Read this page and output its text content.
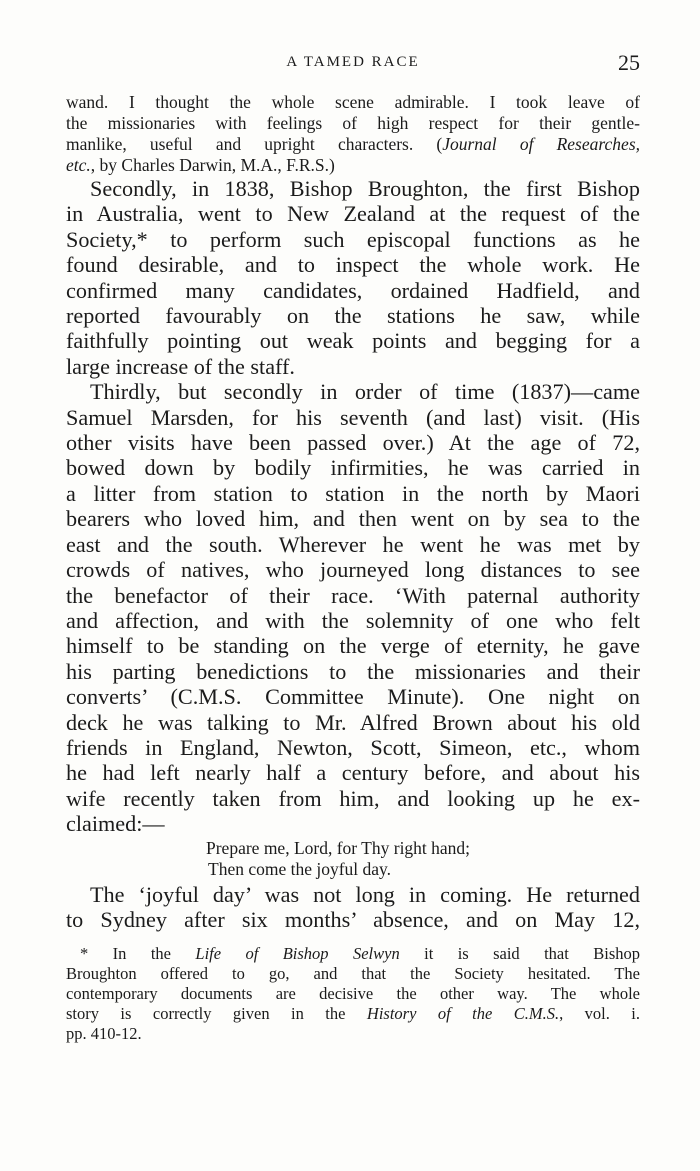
A TAMED RACE	25
wand. I thought the whole scene admirable. I took leave of
the missionaries with feelings of high respect for their gentle-
manlike, useful and upright characters. (Journal of Researches,
etc., by Charles Darwin, M.A., F.R.S.)
Secondly, in 1838, Bishop Broughton, the first Bishop
in Australia, went to New Zealand at the request of the
Society,* to perform such episcopal functions as he
found desirable, and to inspect the whole work. He
confirmed many candidates, ordained Hadfield, and
reported favourably on the stations he saw, while
faithfully pointing out weak points and begging for a
large increase of the staff.
Thirdly, but secondly in order of time (1837)—came
Samuel Marsden, for his seventh (and last) visit. (His
other visits have been passed over.) At the age of 72,
bowed down by bodily infirmities, he was carried in
a litter from station to station in the north by Maori
bearers who loved him, and then went on by sea to the
east and the south. Wherever he went he was met by
crowds of natives, who journeyed long distances to see
the benefactor of their race. ‘With paternal authority
and affection, and with the solemnity of one who felt
himself to be standing on the verge of eternity, he gave
his parting benedictions to the missionaries and their
converts’ (C.M.S. Committee Minute). One night on
deck he was talking to Mr. Alfred Brown about his old
friends in England, Newton, Scott, Simeon, etc., whom
he had left nearly half a century before, and about his
wife recently taken from him, and looking up he ex-
claimed:—
Prepare me, Lord, for Thy right hand;
Then come the joyful day.
The ‘joyful day’ was not long in coming. He returned
to Sydney after six months’ absence, and on May 12,
* In the Life of Bishop Selwyn it is said that Bishop
Broughton offered to go, and that the Society hesitated. The
contemporary documents are decisive the other way. The whole
story is correctly given in the History of the C.M.S., vol. i.
pp. 410-12.
